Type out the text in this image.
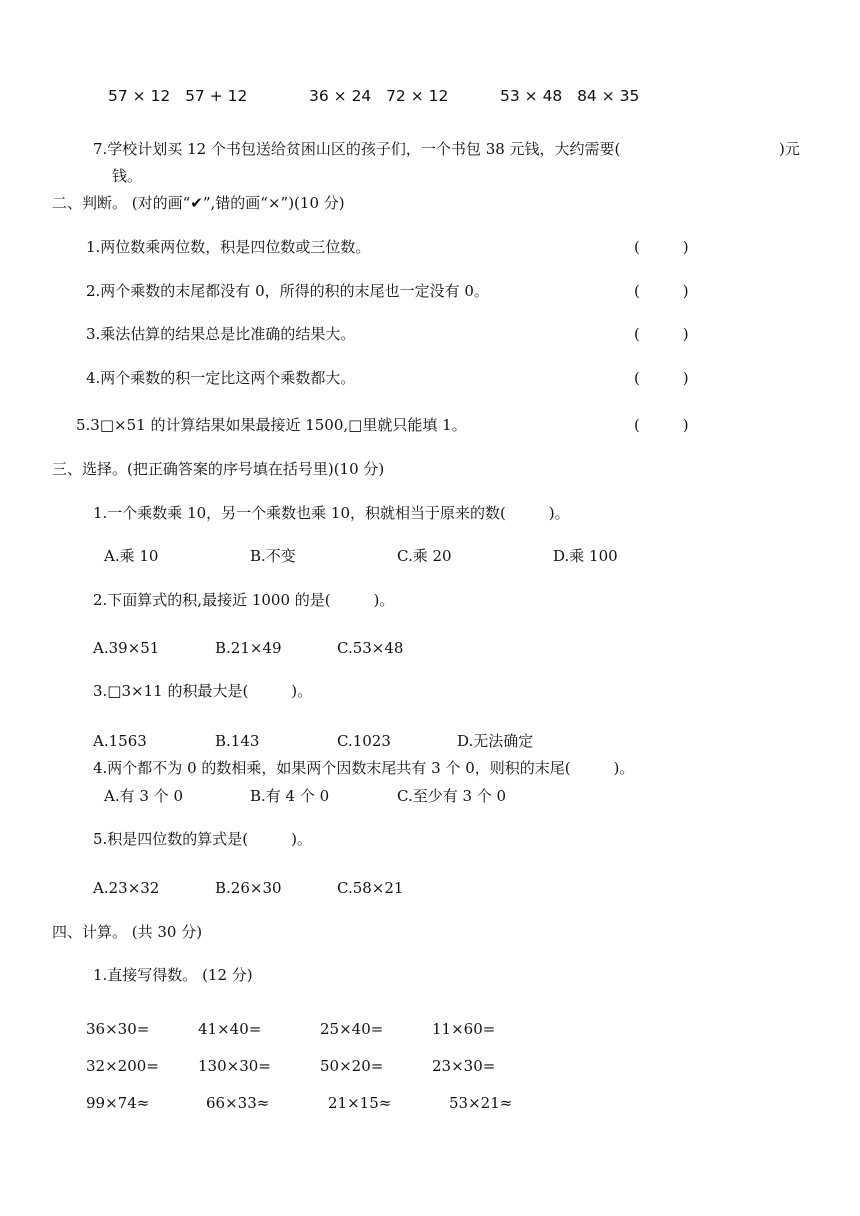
57 × 12   57 + 12	36 × 24   72 × 12	53 × 48   84 × 35
7.学校计划买 12 个书包送给贫困山区的孩子们，一个书包 38 元钱，大约需要(	)元
钱。
二、判断。 (对的画“✔”,错的画“×”)(10 分)
1.两位数乘两位数，积是四位数或三位数。	(         )
2.两个乘数的末尾都没有 0，所得的积的末尾也一定没有 0。	(         )
3.乘法估算的结果总是比准确的结果大。	(         )
4.两个乘数的积一定比这两个乘数都大。	(         )
5.3□×51 的计算结果如果最接近 1500,□里就只能填 1。	(         )
三、选择。(把正确答案的序号填在括号里)(10 分)
1.一个乘数乘 10，另一个乘数也乘 10，积就相当于原来的数(         )。
A.乘 10	B.不变	C.乘 20	D.乘 100
2.下面算式的积,最接近 1000 的是(         )。
A.39×51	B.21×49	C.53×48
3.□3×11 的积最大是(         )。
A.1563	B.143	C.1023	D.无法确定
4.两个都不为 0 的数相乘，如果两个因数末尾共有 3 个 0，则积的末尾(         )。
A.有 3 个 0	B.有 4 个 0	C.至少有 3 个 0
5.积是四位数的算式是(         )。
A.23×32	B.26×30	C.58×21
四、计算。 (共 30 分)
1.直接写得数。 (12 分)
36×30=	41×40=	25×40=	11×60=
32×200=	130×30=	50×20=	23×30=
99×74≈	66×33≈	21×15≈	53×21≈
